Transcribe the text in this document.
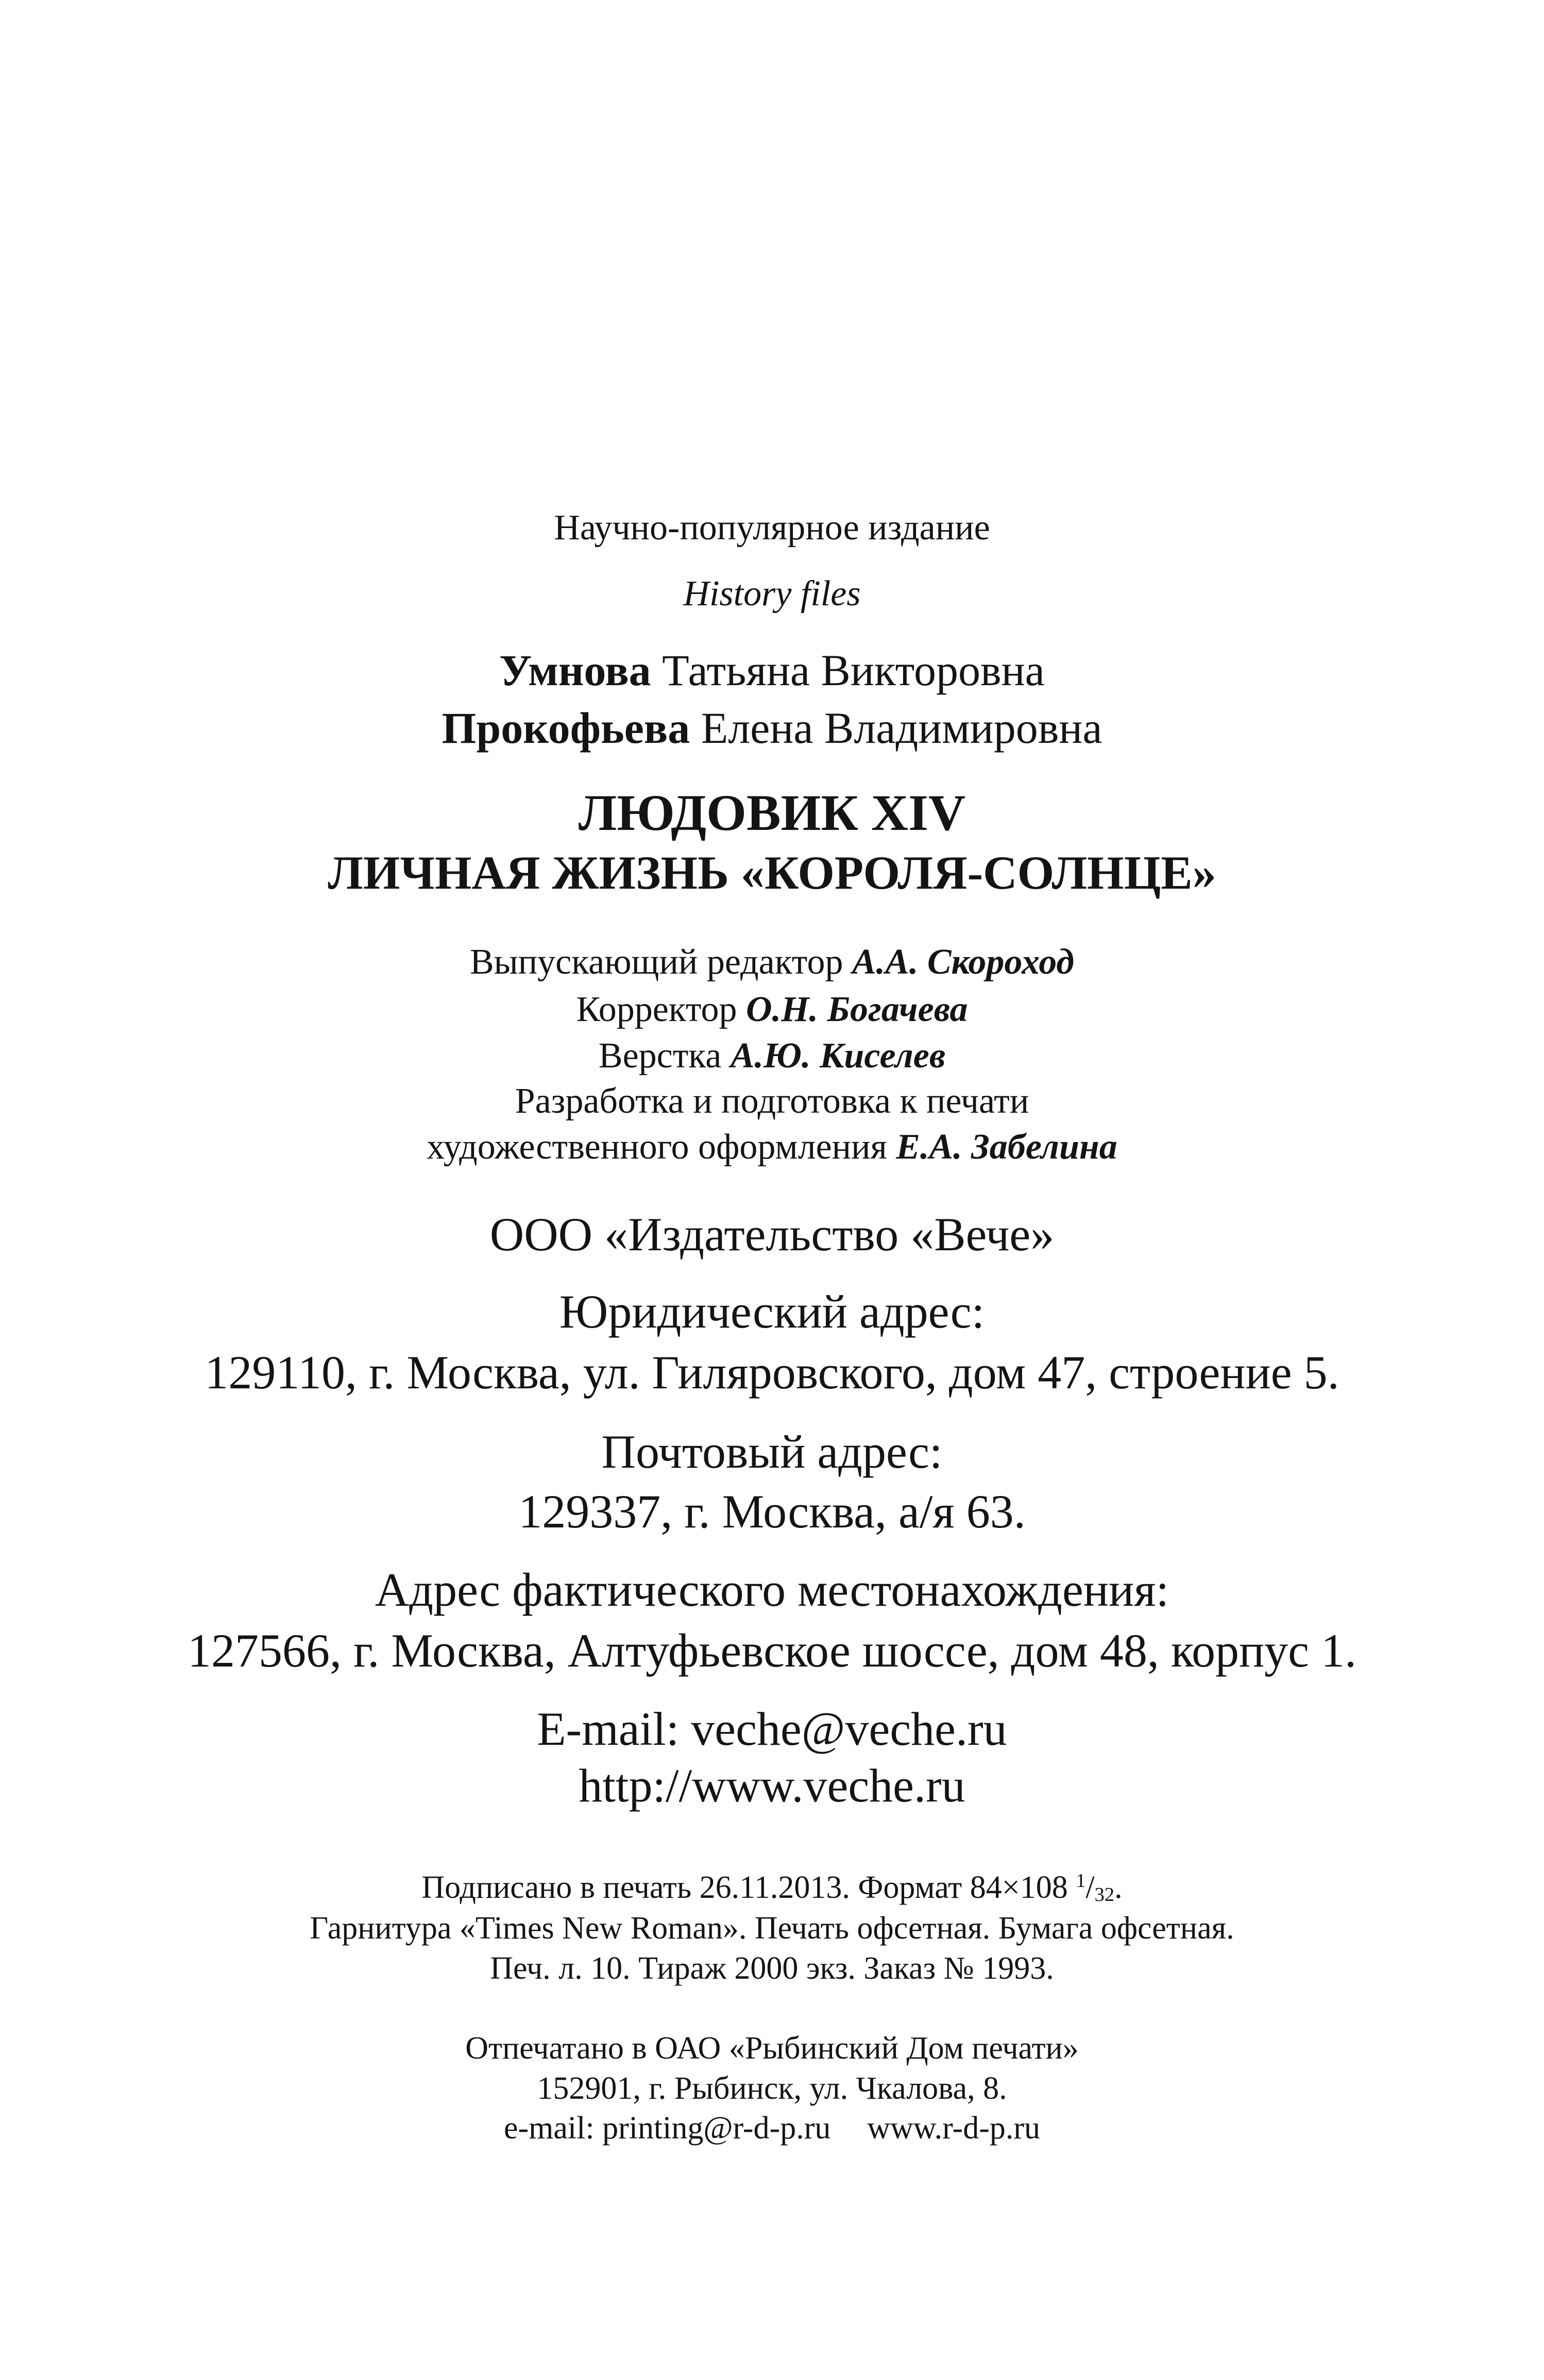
Научно-популярное издание
History files
Умнова Татьяна Викторовна
Прокофьева Елена Владимировна
ЛЮДОВИК XIV
ЛИЧНАЯ ЖИЗНЬ «КОРОЛЯ-СОЛНЦЕ»
Выпускающий редактор А.А. Скороход
Корректор О.Н. Богачева
Верстка А.Ю. Киселев
Разработка и подготовка к печати
художественного оформления Е.А. Забелина
ООО «Издательство «Вече»
Юридический адрес:
129110, г. Москва, ул. Гиляровского, дом 47, строение 5.
Почтовый адрес:
129337, г. Москва, а/я 63.
Адрес фактического местонахождения:
127566, г. Москва, Алтуфьевское шоссе, дом 48, корпус 1.
E-mail: veche@veche.ru
http://www.veche.ru
Подписано в печать 26.11.2013. Формат 84×108 $^1$/32.
Гарнитура «Times New Roman». Печать офсетная. Бумага офсетная.
Печ. л. 10. Тираж 2000 экз. Заказ № 1993.
Отпечатано в ОАО «Рыбинский Дом печати»
152901, г. Рыбинск, ул. Чкалова, 8.
e-mail: printing@r-d-p.ru www.r-d-p.ru
